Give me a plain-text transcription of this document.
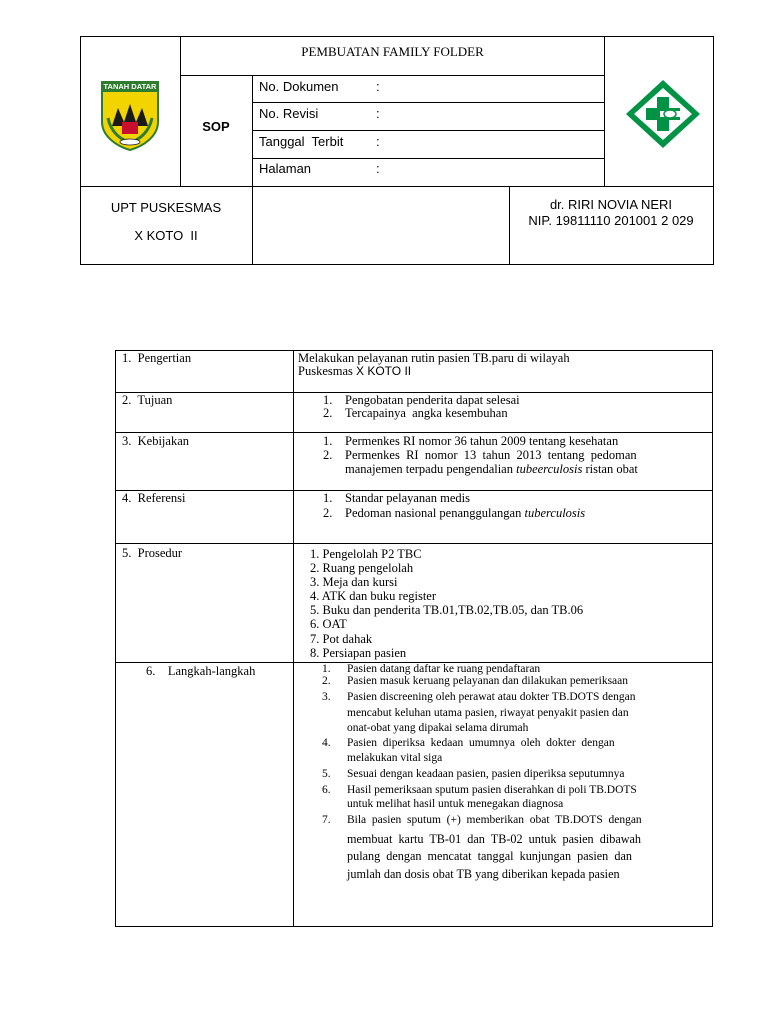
TANAH DATAR
PEMBUATAN FAMILY FOLDER
SOP
No. Dokumen	:
No. Revisi	:
Tanggal  Terbit	:
Halaman	:
UPT PUSKESMAS
X KOTO  II
dr. RIRI NOVIA NERI
NIP. 19811110 201001 2 029
1.  Pengertian	Melakukan pelayanan rutin pasien TB.paru di wilayah
Puskesmas X KOTO II
2.  Tujuan	1. Pengobatan penderita dapat selesai
2. Tercapainya  angka kesembuhan
3.  Kebijakan	1. Permenkes RI nomor 36 tahun 2009 tentang kesehatan
2. Permenkes  RI  nomor  13  tahun  2013  tentang  pedoman
manajemen terpadu pengendalian tubeerculosis ristan obat
4.  Referensi	1. Standar pelayanan medis
2. Pedoman nasional penanggulangan tuberculosis
5.  Prosedur	1. Pengelolah P2 TBC
2. Ruang pengelolah
3. Meja dan kursi
4. ATK dan buku register
5. Buku dan penderita TB.01,TB.02,TB.05, dan TB.06
6. OAT
7. Pot dahak
8. Persiapan pasien
6.    Langkah-langkah	1. Pasien datang daftar ke ruang pendaftaran
2. Pasien masuk keruang pelayanan dan dilakukan pemeriksaan
3. Pasien discreening oleh perawat atau dokter TB.DOTS dengan
mencabut keluhan utama pasien, riwayat penyakit pasien dan
onat-obat yang dipakai selama dirumah
4. Pasien  diperiksa  kedaan  umumnya  oleh  dokter  dengan
melakukan vital siga
5. Sesuai dengan keadaan pasien, pasien diperiksa seputumnya
6. Hasil pemeriksaan sputum pasien diserahkan di poli TB.DOTS
untuk melihat hasil untuk menegakan diagnosa
7. Bila  pasien  sputum  (+)  memberikan  obat  TB.DOTS  dengan
membuat  kartu  TB-01  dan  TB-02  untuk  pasien  dibawah
pulang  dengan  mencatat  tanggal  kunjungan  pasien  dan
jumlah dan dosis obat TB yang diberikan kepada pasien
